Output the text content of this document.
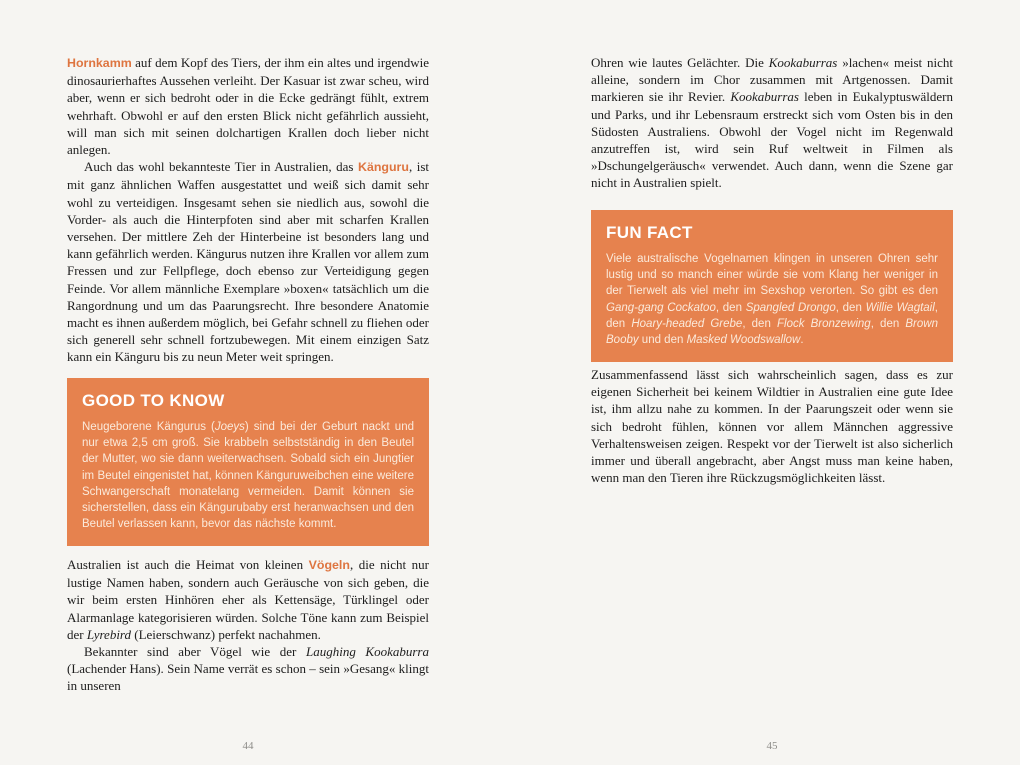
Hornkamm auf dem Kopf des Tiers, der ihm ein altes und irgendwie dinosaurierhaftes Aussehen verleiht. Der Kasuar ist zwar scheu, wird aber, wenn er sich bedroht oder in die Ecke gedrängt fühlt, extrem wehrhaft. Obwohl er auf den ersten Blick nicht gefährlich aussieht, will man sich mit seinen dolchartigen Krallen doch lieber nicht anlegen.

Auch das wohl bekannteste Tier in Australien, das Känguru, ist mit ganz ähnlichen Waffen ausgestattet und weiß sich damit sehr wohl zu verteidigen. Insgesamt sehen sie niedlich aus, sowohl die Vorder- als auch die Hinterpfoten sind aber mit scharfen Krallen versehen. Der mittlere Zeh der Hinterbeine ist besonders lang und kann gefährlich werden. Kängurus nutzen ihre Krallen vor allem zum Fressen und zur Fellpflege, doch ebenso zur Verteidigung gegen Feinde. Vor allem männliche Exemplare »boxen« tatsächlich um die Rangordnung und um das Paarungsrecht. Ihre besondere Anatomie macht es ihnen außerdem möglich, bei Gefahr schnell zu fliehen oder sich generell sehr schnell fortzubewegen. Mit einem einzigen Satz kann ein Känguru bis zu neun Meter weit springen.

GOOD TO KNOW

Neugeborene Kängurus (Joeys) sind bei der Geburt nackt und nur etwa 2,5 cm groß. Sie krabbeln selbstständig in den Beutel der Mutter, wo sie dann weiterwachsen. Sobald sich ein Jungtier im Beutel eingenistet hat, können Känguruweibchen eine weitere Schwangerschaft monatelang vermeiden. Damit können sie sicherstellen, dass ein Kängurubaby erst heranwachsen und den Beutel verlassen kann, bevor das nächste kommt.

Australien ist auch die Heimat von kleinen Vögeln, die nicht nur lustige Namen haben, sondern auch Geräusche von sich geben, die wir beim ersten Hinhören eher als Kettensäge, Türklingel oder Alarmanlage kategorisieren würden. Solche Töne kann zum Beispiel der Lyrebird (Leierschwanz) perfekt nachahmen.

Bekannter sind aber Vögel wie der Laughing Kookaburra (Lachender Hans). Sein Name verrät es schon – sein »Gesang« klingt in unseren

Ohren wie lautes Gelächter. Die Kookaburras »lachen« meist nicht alleine, sondern im Chor zusammen mit Artgenossen. Damit markieren sie ihr Revier. Kookaburras leben in Eukalyptuswäldern und Parks, und ihr Lebensraum erstreckt sich vom Osten bis in den Südosten Australiens. Obwohl der Vogel nicht im Regenwald anzutreffen ist, wird sein Ruf weltweit in Filmen als »Dschungelgeräusch« verwendet. Auch dann, wenn die Szene gar nicht in Australien spielt.

FUN FACT

Viele australische Vogelnamen klingen in unseren Ohren sehr lustig und so manch einer würde sie vom Klang her weniger in der Tierwelt als viel mehr im Sexshop verorten. So gibt es den Gang-gang Cockatoo, den Spangled Drongo, den Willie Wagtail, den Hoary-headed Grebe, den Flock Bronzewing, den Brown Booby und den Masked Woodswallow.

Zusammenfassend lässt sich wahrscheinlich sagen, dass es zur eigenen Sicherheit bei keinem Wildtier in Australien eine gute Idee ist, ihm allzu nahe zu kommen. In der Paarungszeit oder wenn sie sich bedroht fühlen, können vor allem Männchen aggressive Verhaltensweisen zeigen. Respekt vor der Tierwelt ist also sicherlich immer und überall angebracht, aber Angst muss man keine haben, wenn man den Tieren ihre Rückzugsmöglichkeiten lässt.

44	45
